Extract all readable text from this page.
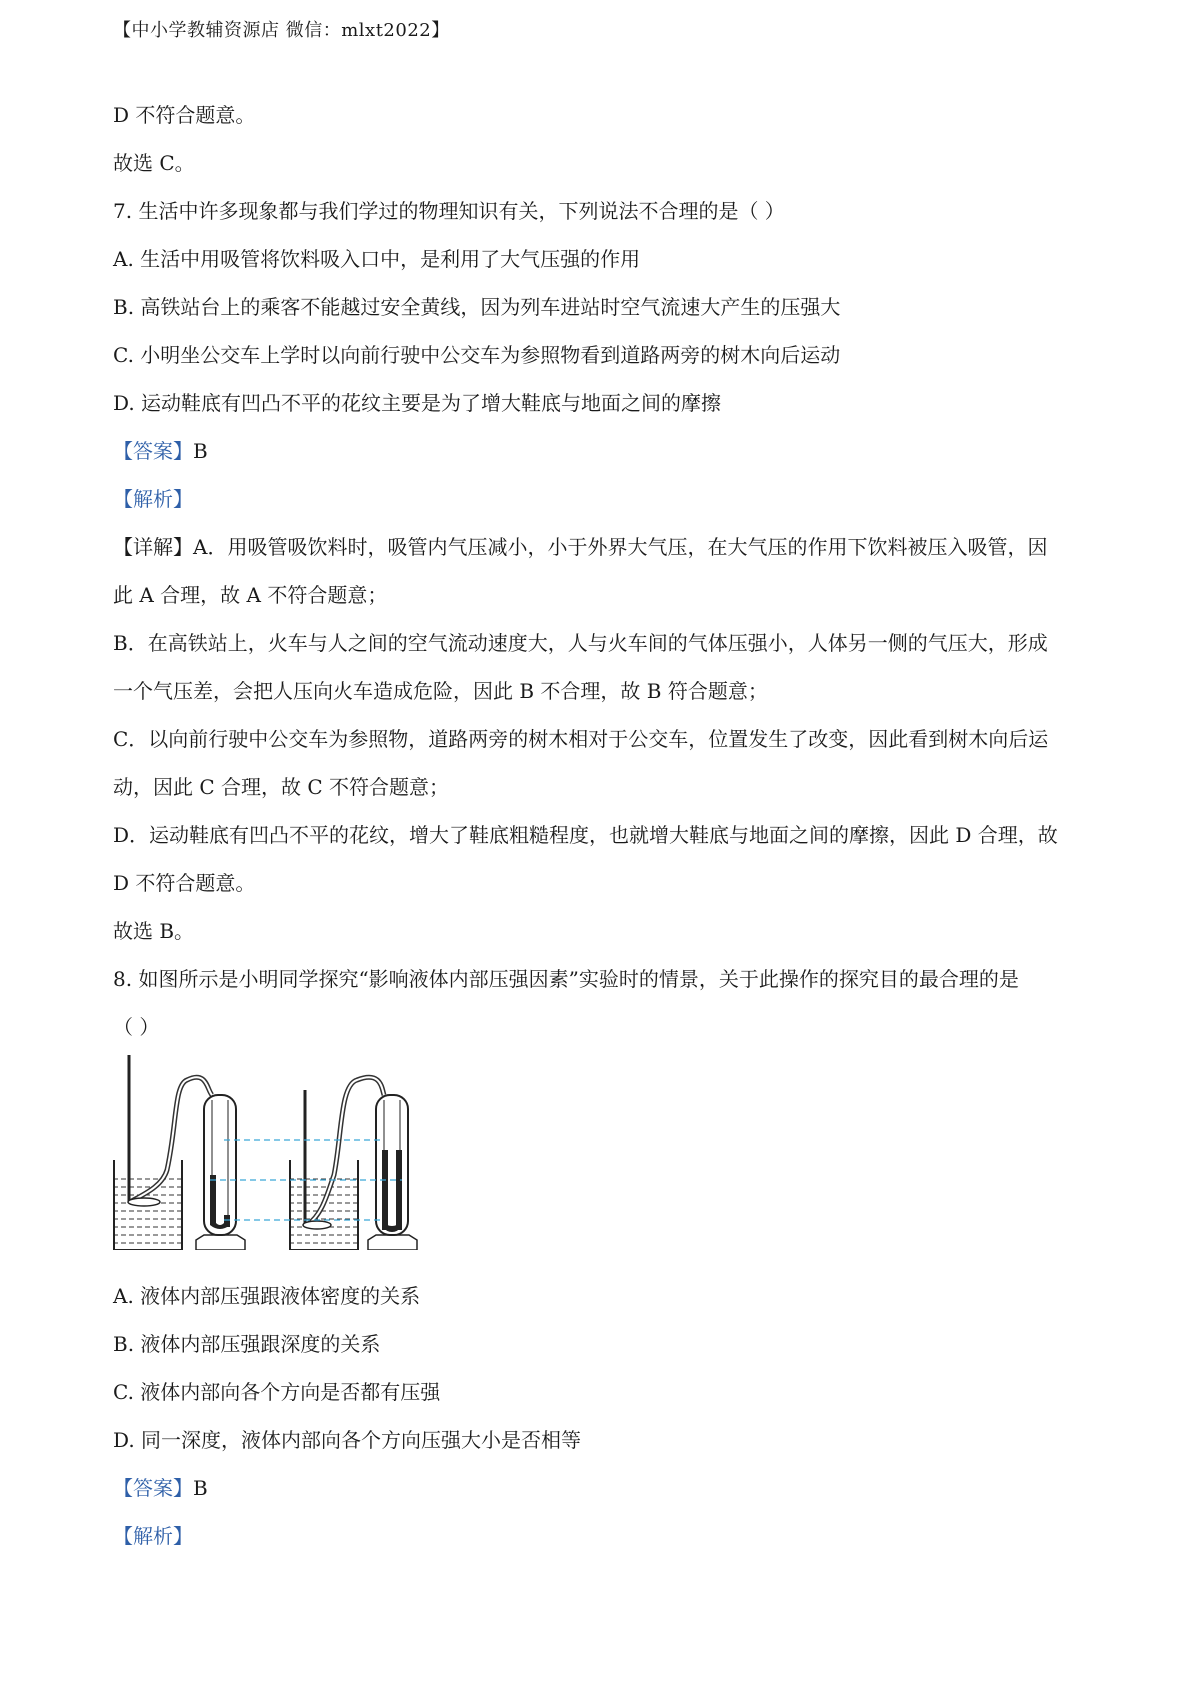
【中小学教辅资源店 微信：mlxt2022】
D 不符合题意。
故选 C。
7. 生活中许多现象都与我们学过的物理知识有关，下列说法不合理的是（ ）
A. 生活中用吸管将饮料吸入口中，是利用了大气压强的作用
B. 高铁站台上的乘客不能越过安全黄线，因为列车进站时空气流速大产生的压强大
C. 小明坐公交车上学时以向前行驶中公交车为参照物看到道路两旁的树木向后运动
D. 运动鞋底有凹凸不平的花纹主要是为了增大鞋底与地面之间的摩擦
【答案】B
【解析】
【详解】A．用吸管吸饮料时，吸管内气压减小，小于外界大气压，在大气压的作用下饮料被压入吸管，因
此 A 合理，故 A 不符合题意；
B．在高铁站上，火车与人之间的空气流动速度大，人与火车间的气体压强小，人体另一侧的气压大，形成
一个气压差，会把人压向火车造成危险，因此 B 不合理，故 B 符合题意；
C．以向前行驶中公交车为参照物，道路两旁的树木相对于公交车，位置发生了改变，因此看到树木向后运
动，因此 C 合理，故 C 不符合题意；
D．运动鞋底有凹凸不平的花纹，增大了鞋底粗糙程度，也就增大鞋底与地面之间的摩擦，因此 D 合理，故
D 不符合题意。
故选 B。
8. 如图所示是小明同学探究“影响液体内部压强因素”实验时的情景，关于此操作的探究目的最合理的是
（ ）
A. 液体内部压强跟液体密度的关系
B. 液体内部压强跟深度的关系
C. 液体内部向各个方向是否都有压强
D. 同一深度，液体内部向各个方向压强大小是否相等
【答案】B
【解析】
